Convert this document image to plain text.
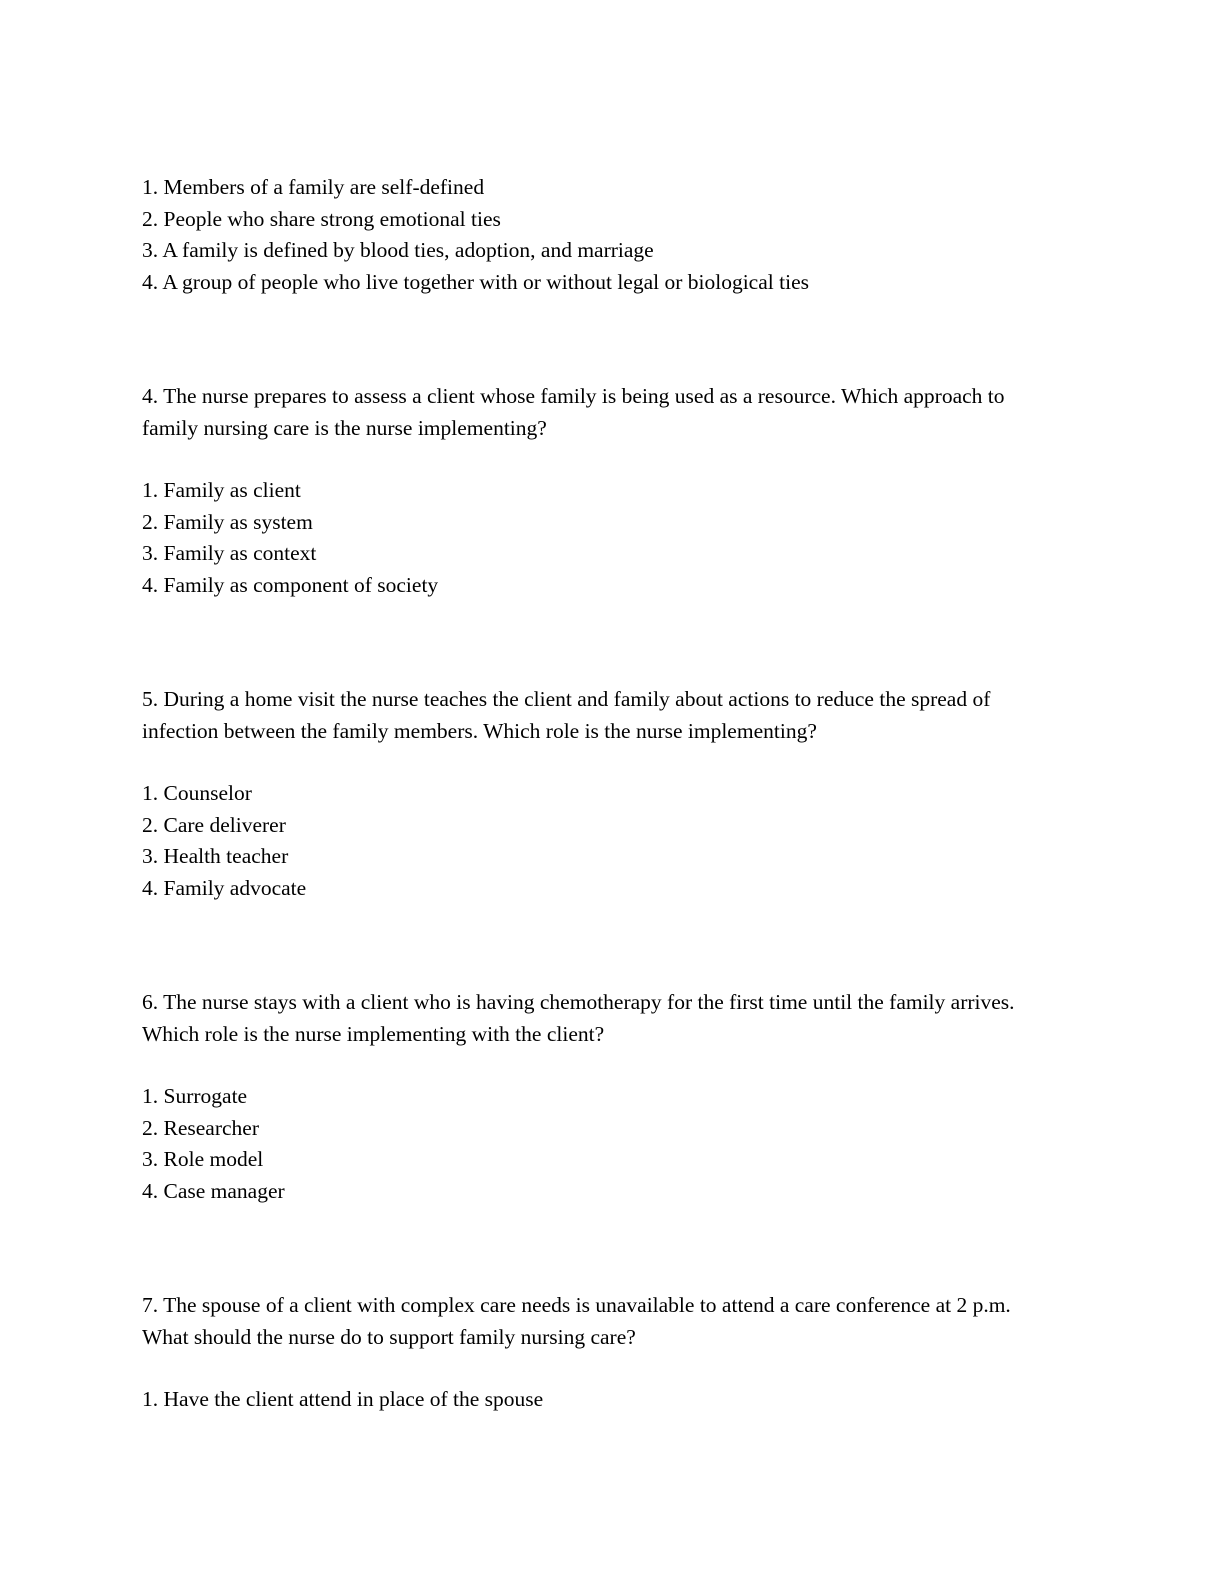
1. Members of a family are self-defined
2. People who share strong emotional ties
3. A family is defined by blood ties, adoption, and marriage
4. A group of people who live together with or without legal or biological ties

4. The nurse prepares to assess a client whose family is being used as a resource. Which approach to family nursing care is the nurse implementing?

1. Family as client
2. Family as system
3. Family as context
4. Family as component of society

5. During a home visit the nurse teaches the client and family about actions to reduce the spread of infection between the family members. Which role is the nurse implementing?

1. Counselor
2. Care deliverer
3. Health teacher
4. Family advocate

6. The nurse stays with a client who is having chemotherapy for the first time until the family arrives. Which role is the nurse implementing with the client?

1. Surrogate
2. Researcher
3. Role model
4. Case manager

7. The spouse of a client with complex care needs is unavailable to attend a care conference at 2 p.m. What should the nurse do to support family nursing care?

1. Have the client attend in place of the spouse
